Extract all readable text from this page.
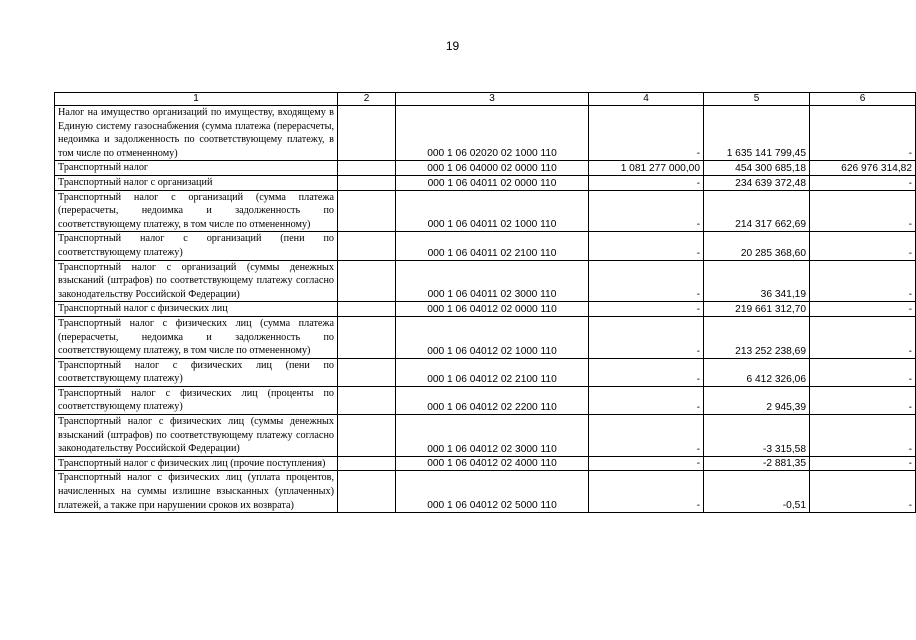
19
1	2	3	4	5	6
Налог на имущество организаций по имуществу, входящему в Единую систему газоснабжения (сумма платежа (перерасчеты, недоимка и задолженность по соответствующему платежу, в том числе по отмененному)		000 1 06 02020 02 1000 110	-	1 635 141 799,45	-
Транспортный налог		000 1 06 04000 02 0000 110	1 081 277 000,00	454 300 685,18	626 976 314,82
Транспортный налог с организаций		000 1 06 04011 02 0000 110	-	234 639 372,48	-
Транспортный налог с организаций (сумма платежа (перерасчеты, недоимка и задолженность по соответствующему платежу, в том числе по отмененному)		000 1 06 04011 02 1000 110	-	214 317 662,69	-
Транспортный налог с организаций (пени по соответствующему платежу)		000 1 06 04011 02 2100 110	-	20 285 368,60	-
Транспортный налог с организаций (суммы денежных взысканий (штрафов) по соответствующему платежу согласно законодательству Российской Федерации)		000 1 06 04011 02 3000 110	-	36 341,19	-
Транспортный налог с физических лиц		000 1 06 04012 02 0000 110	-	219 661 312,70	-
Транспортный налог с физических лиц (сумма платежа (перерасчеты, недоимка и задолженность по соответствующему платежу, в том числе по отмененному)		000 1 06 04012 02 1000 110	-	213 252 238,69	-
Транспортный налог с физических лиц (пени по соответствующему платежу)		000 1 06 04012 02 2100 110	-	6 412 326,06	-
Транспортный налог с физических лиц (проценты по соответствующему платежу)		000 1 06 04012 02 2200 110	-	2 945,39	-
Транспортный налог с физических лиц (суммы денежных взысканий (штрафов) по соответствующему платежу согласно законодательству Российской Федерации)		000 1 06 04012 02 3000 110	-	-3 315,58	-
Транспортный налог с физических лиц (прочие поступления)		000 1 06 04012 02 4000 110	-	-2 881,35	-
Транспортный налог с физических лиц (уплата процентов, начисленных на суммы излишне взысканных (уплаченных) платежей, а также при нарушении сроков их возврата)		000 1 06 04012 02 5000 110	-	-0,51	-
